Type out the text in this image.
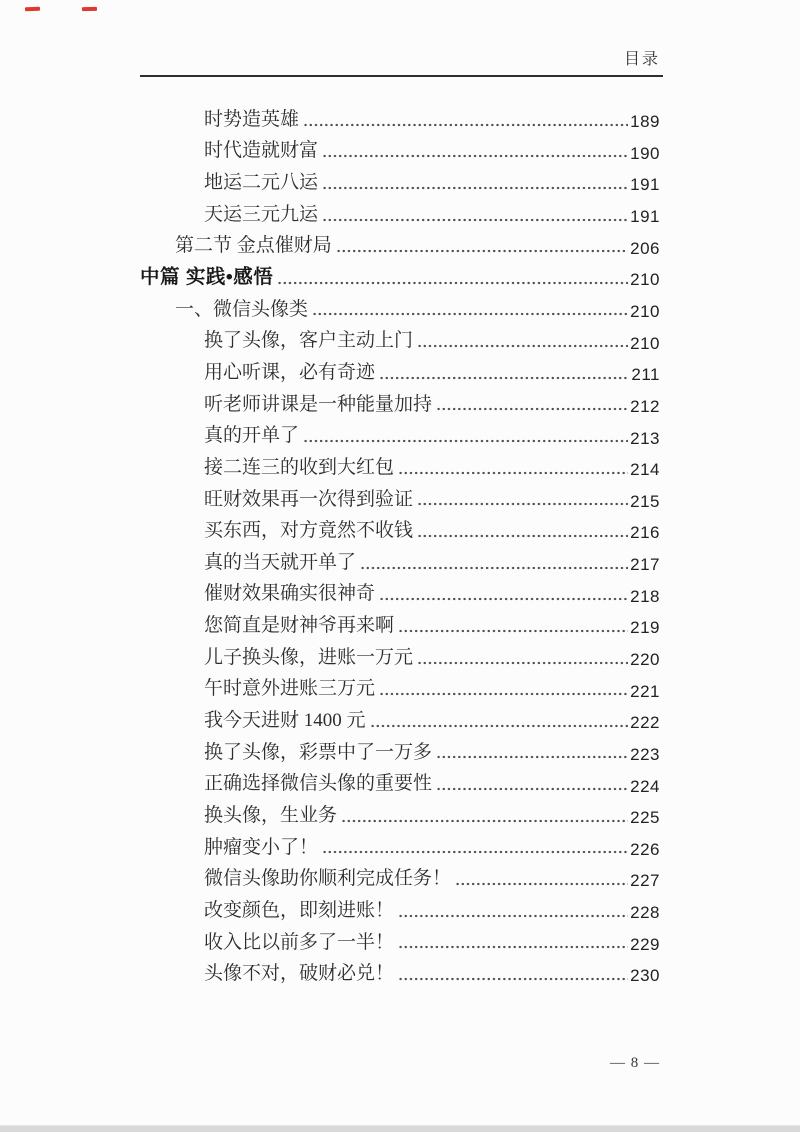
目录
时势造英雄	189
时代造就财富	190
地运二元八运	191
天运三元九运	191
第二节 金点催财局	206
中篇 实践•感悟	210
一、微信头像类	210
换了头像，客户主动上门	210
用心听课，必有奇迹	211
听老师讲课是一种能量加持	212
真的开单了	213
接二连三的收到大红包	214
旺财效果再一次得到验证	215
买东西，对方竟然不收钱	216
真的当天就开单了	217
催财效果确实很神奇	218
您简直是财神爷再来啊	219
儿子换头像，进账一万元	220
午时意外进账三万元	221
我今天进财 1400 元	222
换了头像，彩票中了一万多	223
正确选择微信头像的重要性	224
换头像，生业务	225
肿瘤变小了！	226
微信头像助你顺利完成任务！	227
改变颜色，即刻进账！	228
收入比以前多了一半！	229
头像不对，破财必兑！	230
— 8 —
